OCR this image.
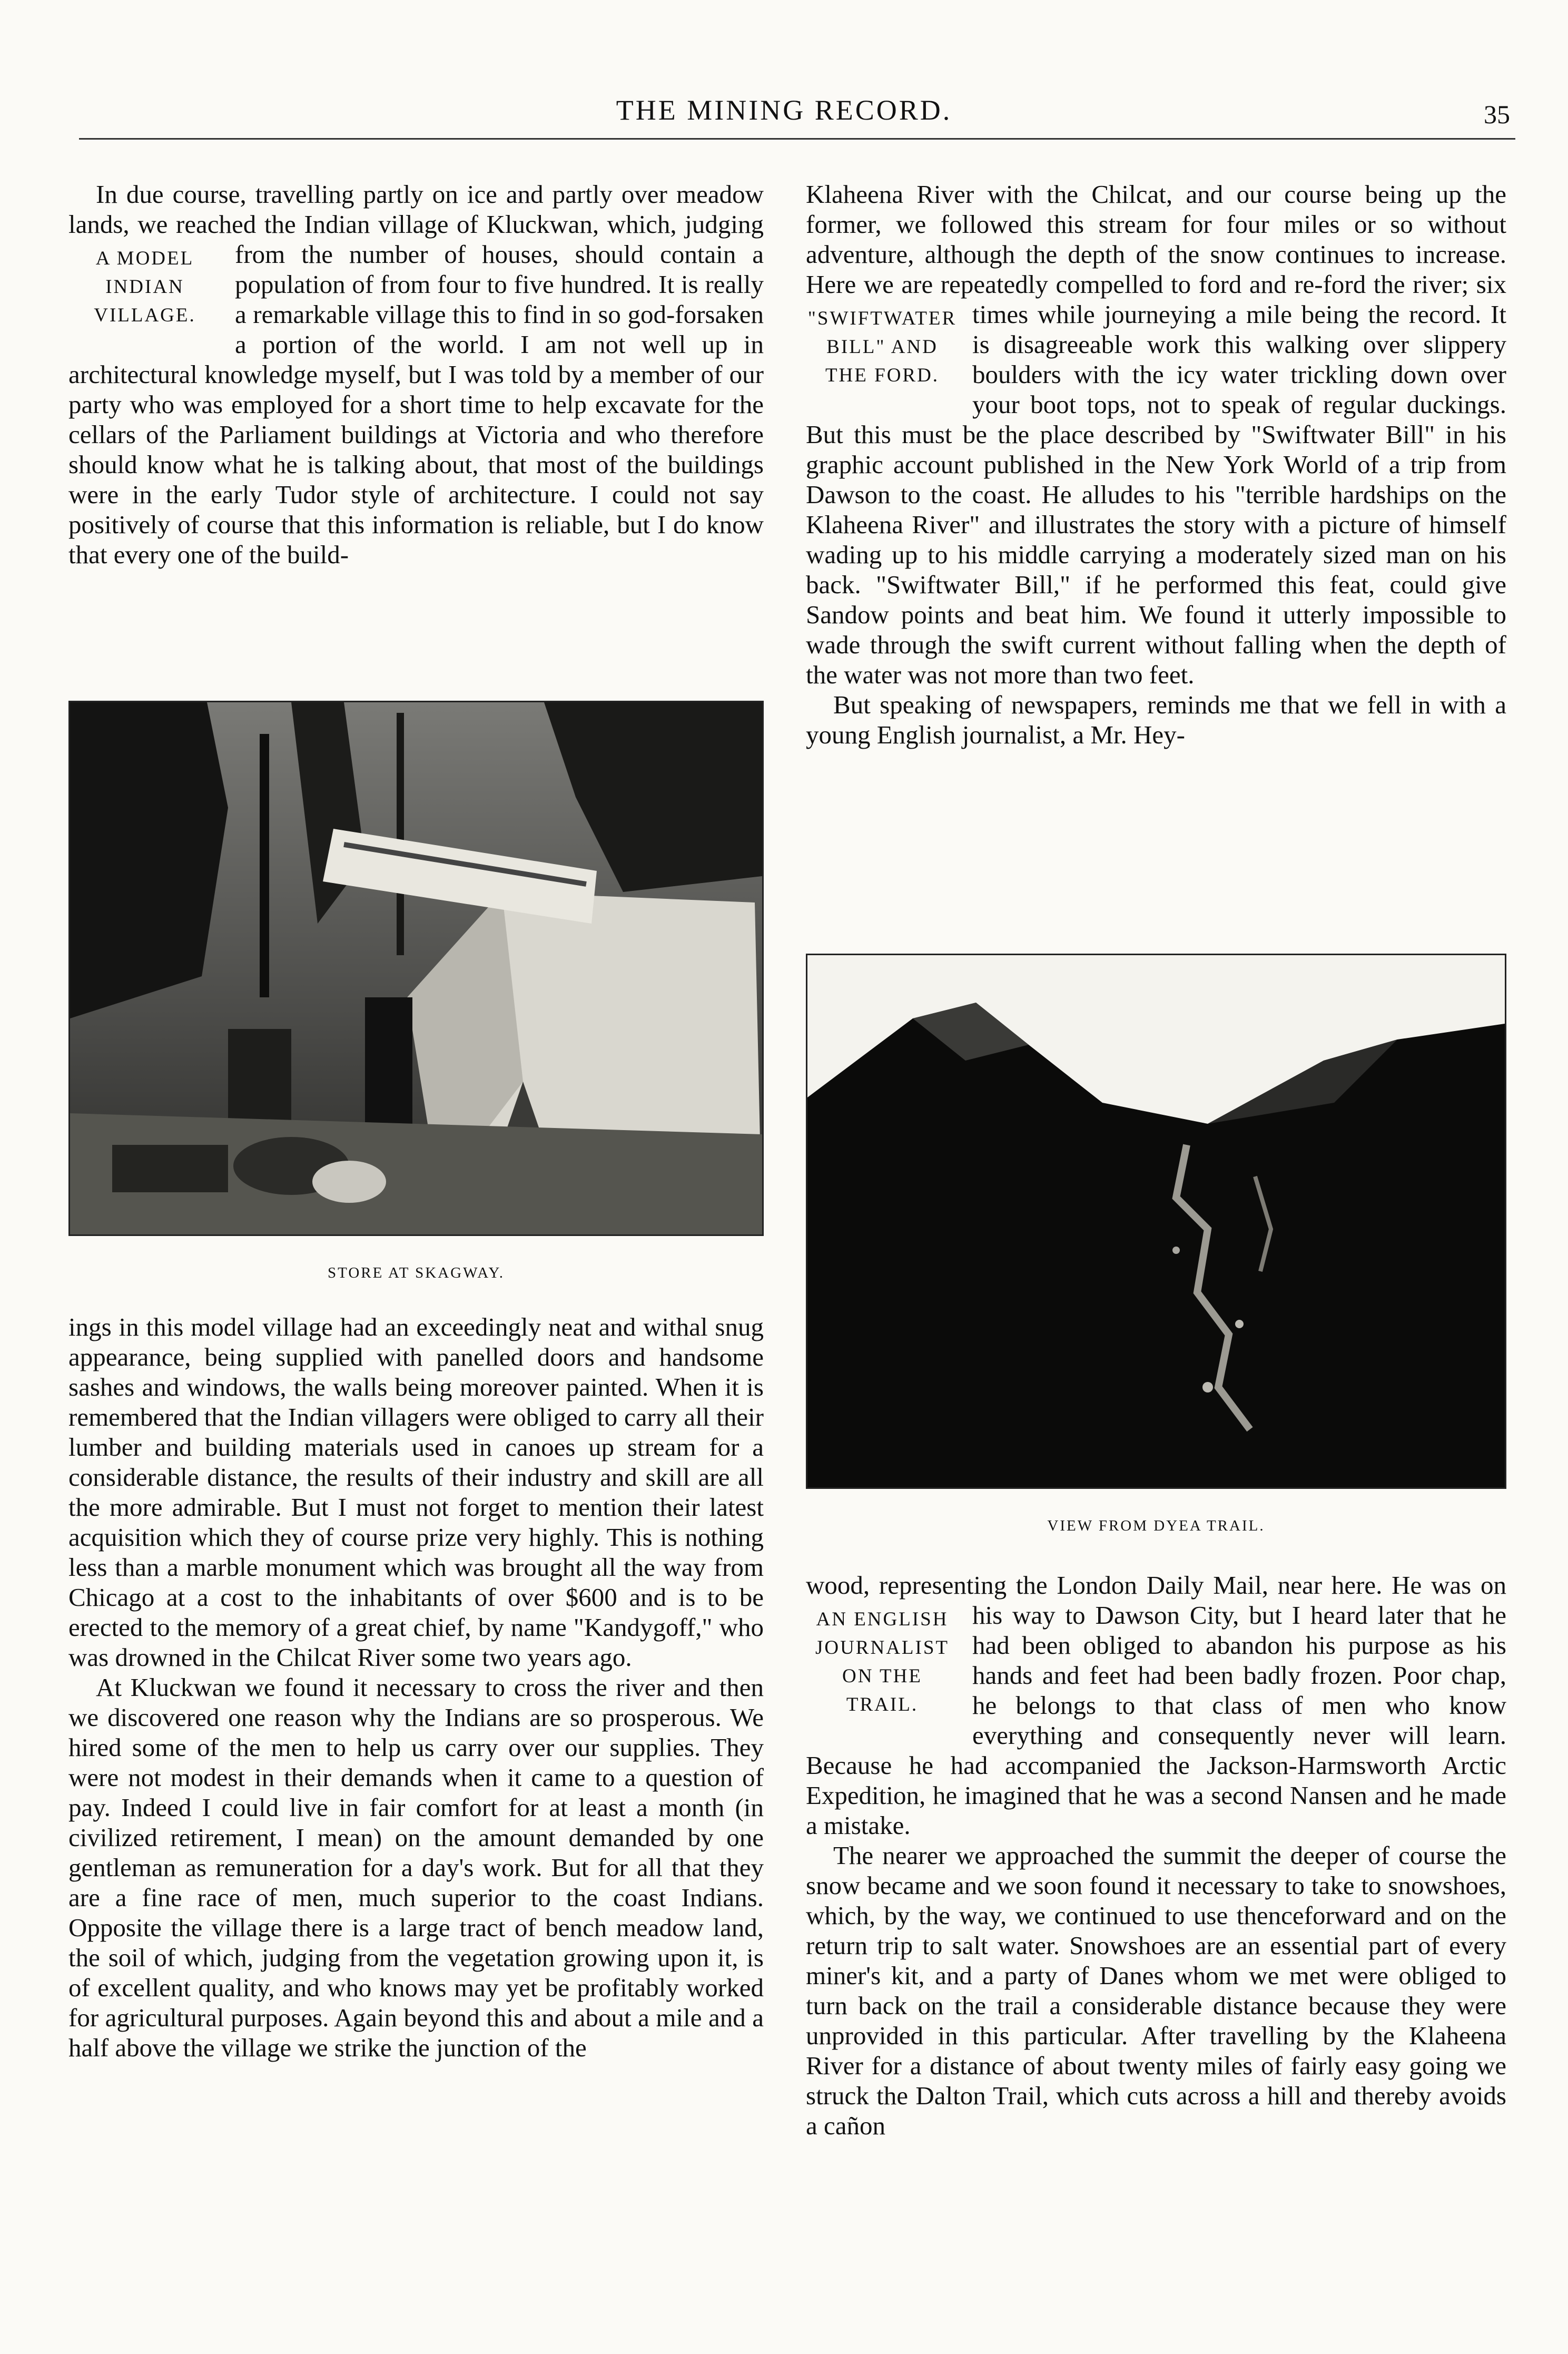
THE MINING RECORD.	35

In due course, travelling partly on ice and partly over meadow lands, we reached the Indian village of Kluckwan, which, judging from the number of
A MODEL INDIAN VILLAGE.
houses, should contain a population of from four to five hundred. It is really a remarkable village this to find in so god-forsaken a portion of the world. I am not well up in architectural knowledge myself, but I was told by a member of our party who was employed for a short time to help excavate for the cellars of the Parliament buildings at Victoria and who therefore should know what he is talking about, that most of the buildings were in the early Tudor style of architecture. I could not say positively of course that this information is reliable, but I do know that every one of the build-

STORE AT SKAGWAY.

ings in this model village had an exceedingly neat and withal snug appearance, being supplied with panelled doors and handsome sashes and windows, the walls being moreover painted. When it is remembered that the Indian villagers were obliged to carry all their lumber and building materials used in canoes up stream for a considerable distance, the results of their industry and skill are all the more admirable. But I must not forget to mention their latest acquisition which they of course prize very highly. This is nothing less than a marble monument which was brought all the way from Chicago at a cost to the inhabitants of over $600 and is to be erected to the memory of a great chief, by name "Kandygoff," who was drowned in the Chilcat River some two years ago.

At Kluckwan we found it necessary to cross the river and then we discovered one reason why the Indians are so prosperous. We hired some of the men to help us carry over our supplies. They were not modest in their demands when it came to a question of pay. Indeed I could live in fair comfort for at least a month (in civilized retirement, I mean) on the amount demanded by one gentleman as remuneration for a day's work. But for all that they are a fine race of men, much superior to the coast Indians. Opposite the village there is a large tract of bench meadow land, the soil of which, judging from the vegetation growing upon it, is of excellent quality, and who knows may yet be profitably worked for agricultural purposes. Again beyond this and about a mile and a half above the village we strike the junction of the

Klaheena River with the Chilcat, and our course being up the former, we followed this stream for four miles or so without adventure, although the depth of the snow continues to increase. Here we are repeatedly compelled to ford and re-ford the river; six times while journeying a mile being the record. It
"SWIFTWATER BILL" AND THE FORD.
is disagreeable work this walking over slippery boulders with the icy water trickling down over your boot tops, not to speak of regular duckings. But this must be the place described by "Swiftwater Bill" in his graphic account published in the New York World of a trip from Dawson to the coast. He alludes to his "terrible hardships on the Klaheena River" and illustrates the story with a picture of himself wading up to his middle carrying a moderately sized man on his back. "Swiftwater Bill," if he performed this feat, could give Sandow points and beat him. We found it utterly impossible to wade through the swift current without falling when the depth of the water was not more than two feet.

But speaking of newspapers, reminds me that we fell in with a young English journalist, a Mr. Hey-

VIEW FROM DYEA TRAIL.

wood, representing the London Daily Mail, near here. He was on his way to Dawson City, but I
AN ENGLISH JOURNALIST ON THE TRAIL.
heard later that he had been obliged to abandon his purpose as his hands and feet had been badly frozen. Poor chap, he belongs to that class of men who know everything and consequently never will learn. Because he had accompanied the Jackson-Harmsworth Arctic Expedition, he imagined that he was a second Nansen and he made a mistake.

The nearer we approached the summit the deeper of course the snow became and we soon found it necessary to take to snowshoes, which, by the way, we continued to use thenceforward and on the return trip to salt water. Snowshoes are an essential part of every miner's kit, and a party of Danes whom we met were obliged to turn back on the trail a considerable distance because they were unprovided in this particular. After travelling by the Klaheena River for a distance of about twenty miles of fairly easy going we struck the Dalton Trail, which cuts across a hill and thereby avoids a cañon
